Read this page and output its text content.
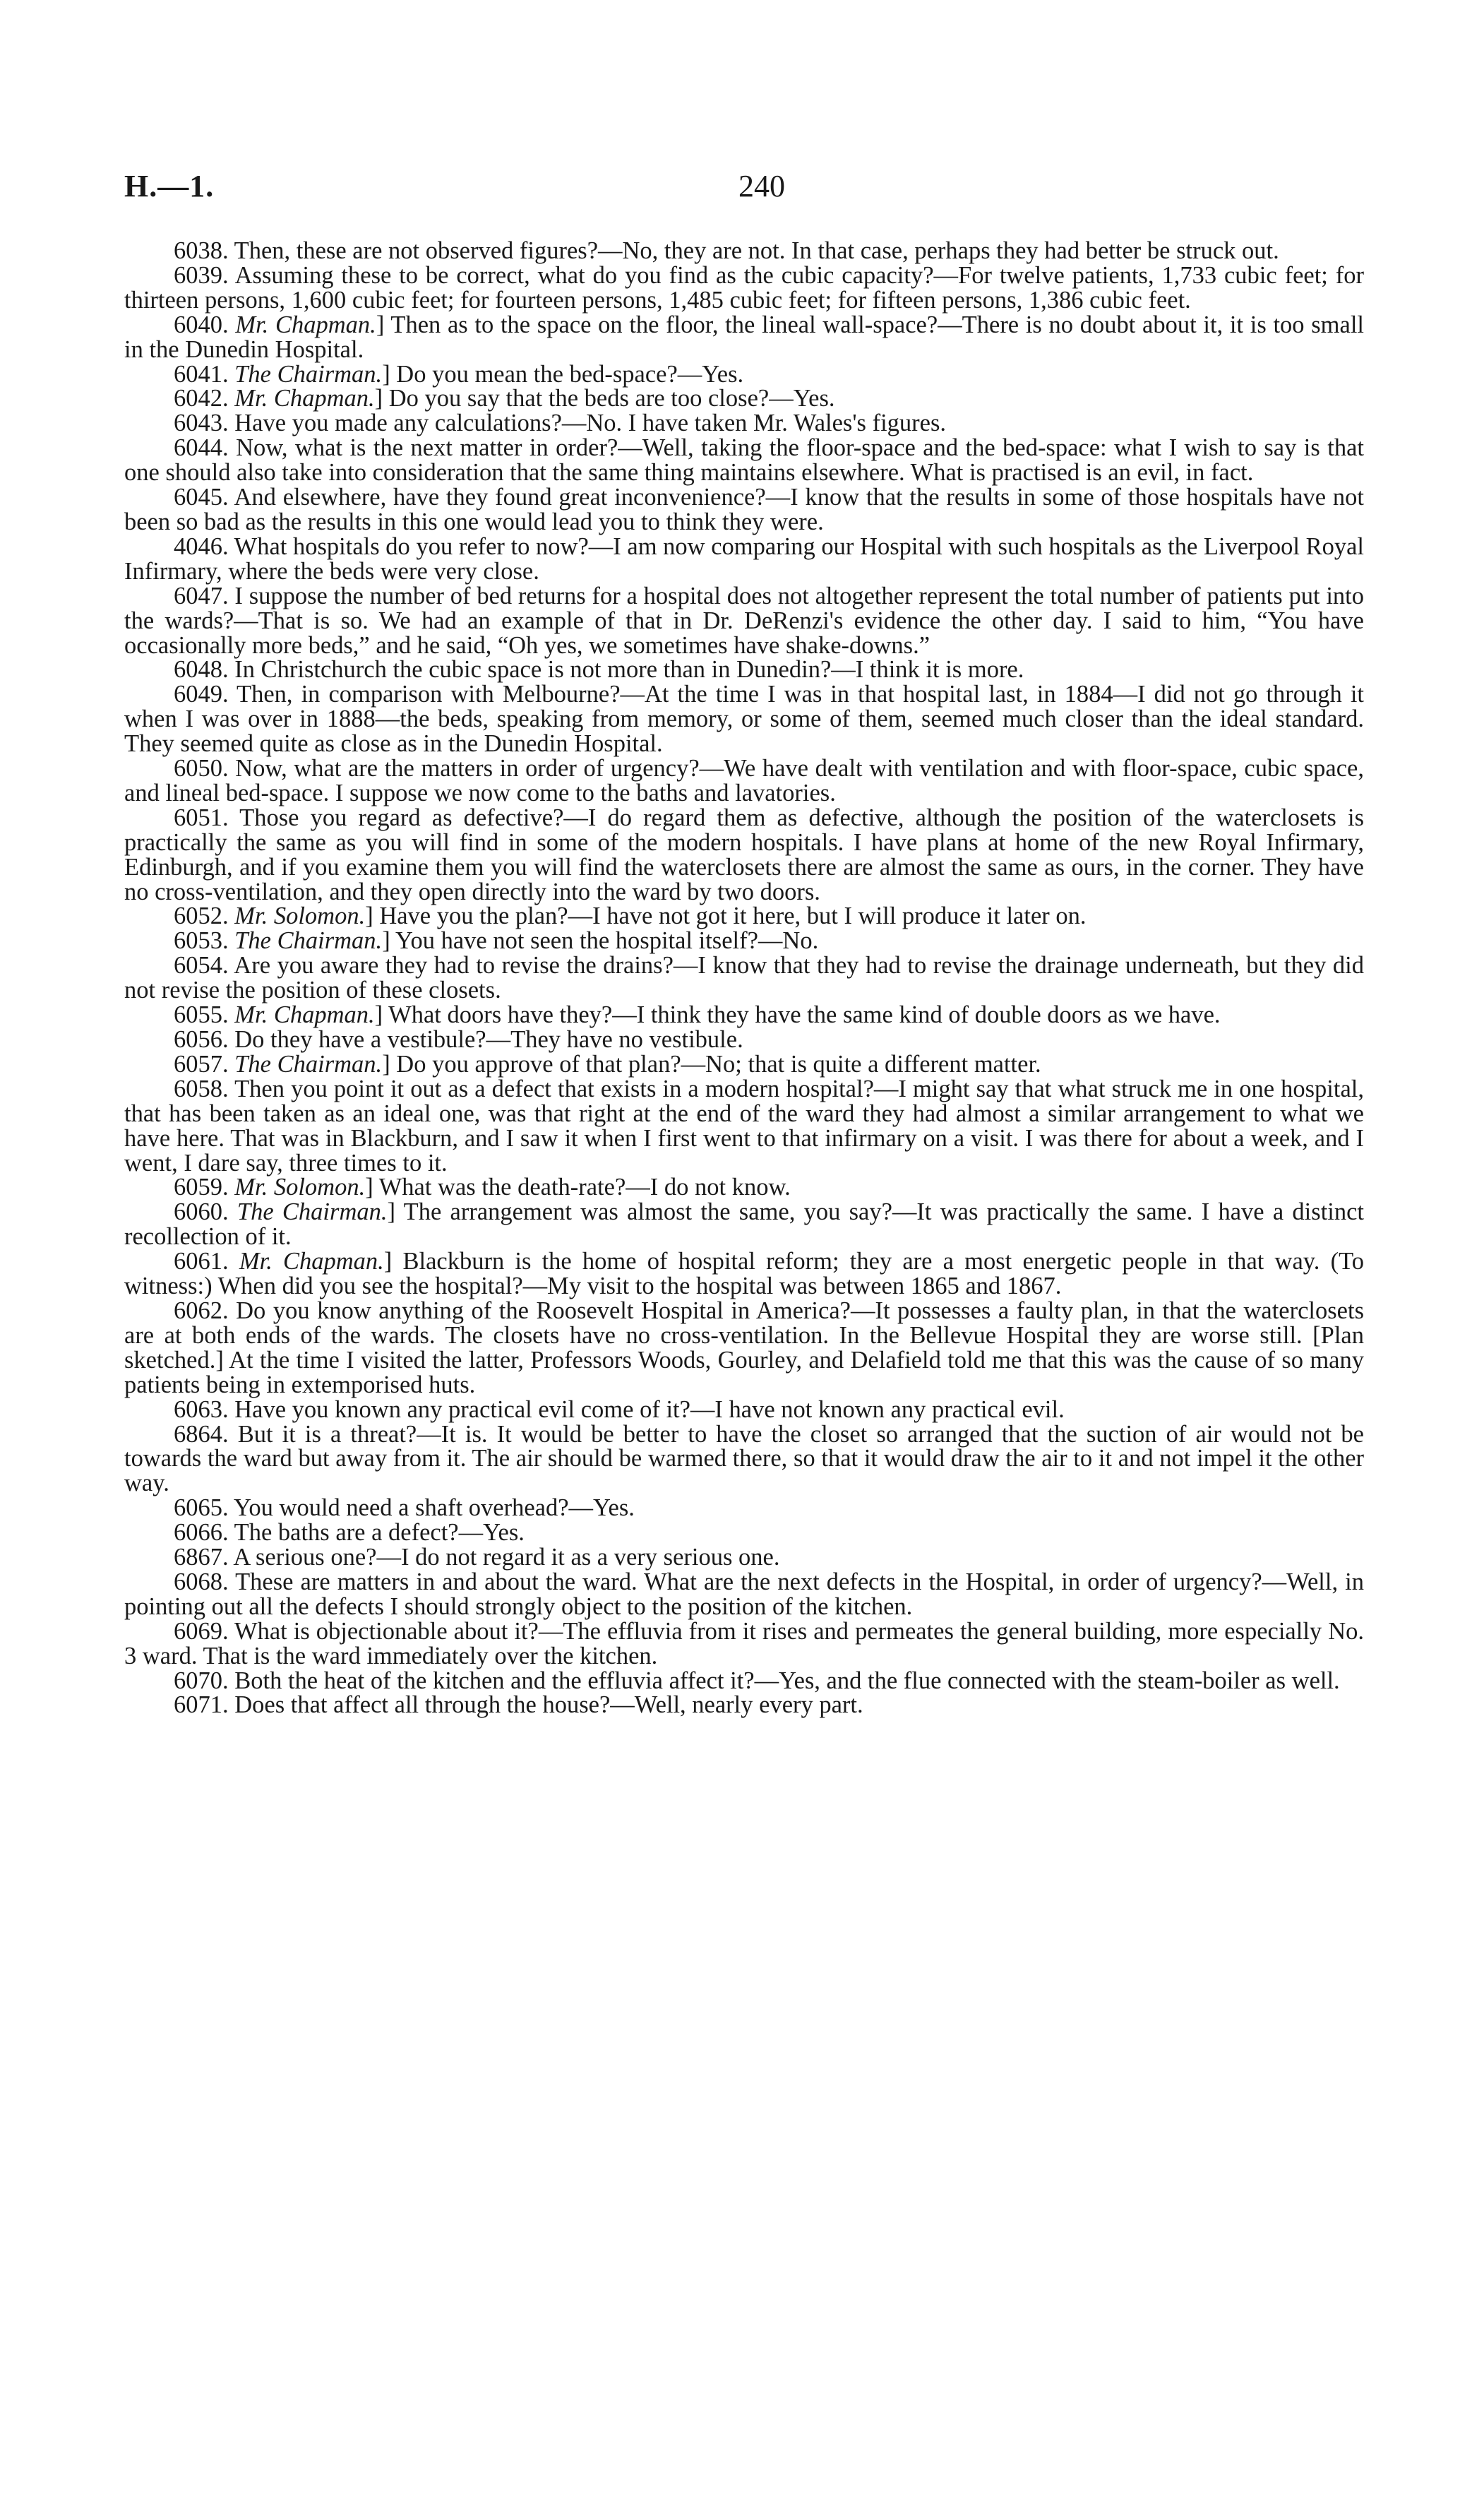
H.—1.	240

6038. Then, these are not observed figures?—No, they are not. In that case, perhaps they had better be struck out.

6039. Assuming these to be correct, what do you find as the cubic capacity?—For twelve patients, 1,733 cubic feet; for thirteen persons, 1,600 cubic feet; for fourteen persons, 1,485 cubic feet; for fifteen persons, 1,386 cubic feet.

6040. Mr. Chapman.] Then as to the space on the floor, the lineal wall-space?—There is no doubt about it, it is too small in the Dunedin Hospital.

6041. The Chairman.] Do you mean the bed-space?—Yes.

6042. Mr. Chapman.] Do you say that the beds are too close?—Yes.

6043. Have you made any calculations?—No. I have taken Mr. Wales's figures.

6044. Now, what is the next matter in order?—Well, taking the floor-space and the bed-space: what I wish to say is that one should also take into consideration that the same thing maintains elsewhere. What is practised is an evil, in fact.

6045. And elsewhere, have they found great inconvenience?—I know that the results in some of those hospitals have not been so bad as the results in this one would lead you to think they were.

4046. What hospitals do you refer to now?—I am now comparing our Hospital with such hospitals as the Liverpool Royal Infirmary, where the beds were very close.

6047. I suppose the number of bed returns for a hospital does not altogether represent the total number of patients put into the wards?—That is so. We had an example of that in Dr. DeRenzi's evidence the other day. I said to him, “You have occasionally more beds,” and he said, “Oh yes, we sometimes have shake-downs.”

6048. In Christchurch the cubic space is not more than in Dunedin?—I think it is more.

6049. Then, in comparison with Melbourne?—At the time I was in that hospital last, in 1884—I did not go through it when I was over in 1888—the beds, speaking from memory, or some of them, seemed much closer than the ideal standard. They seemed quite as close as in the Dunedin Hospital.

6050. Now, what are the matters in order of urgency?—We have dealt with ventilation and with floor-space, cubic space, and lineal bed-space. I suppose we now come to the baths and lavatories.

6051. Those you regard as defective?—I do regard them as defective, although the position of the waterclosets is practically the same as you will find in some of the modern hospitals. I have plans at home of the new Royal Infirmary, Edinburgh, and if you examine them you will find the waterclosets there are almost the same as ours, in the corner. They have no cross-ventilation, and they open directly into the ward by two doors.

6052. Mr. Solomon.] Have you the plan?—I have not got it here, but I will produce it later on.

6053. The Chairman.] You have not seen the hospital itself?—No.

6054. Are you aware they had to revise the drains?—I know that they had to revise the drainage underneath, but they did not revise the position of these closets.

6055. Mr. Chapman.] What doors have they?—I think they have the same kind of double doors as we have.

6056. Do they have a vestibule?—They have no vestibule.

6057. The Chairman.] Do you approve of that plan?—No; that is quite a different matter.

6058. Then you point it out as a defect that exists in a modern hospital?—I might say that what struck me in one hospital, that has been taken as an ideal one, was that right at the end of the ward they had almost a similar arrangement to what we have here. That was in Blackburn, and I saw it when I first went to that infirmary on a visit. I was there for about a week, and I went, I dare say, three times to it.

6059. Mr. Solomon.] What was the death-rate?—I do not know.

6060. The Chairman.] The arrangement was almost the same, you say?—It was practically the same. I have a distinct recollection of it.

6061. Mr. Chapman.] Blackburn is the home of hospital reform; they are a most energetic people in that way. (To witness:) When did you see the hospital?—My visit to the hospital was between 1865 and 1867.

6062. Do you know anything of the Roosevelt Hospital in America?—It possesses a faulty plan, in that the waterclosets are at both ends of the wards. The closets have no cross-ventilation. In the Bellevue Hospital they are worse still. [Plan sketched.] At the time I visited the latter, Professors Woods, Gourley, and Delafield told me that this was the cause of so many patients being in extemporised huts.

6063. Have you known any practical evil come of it?—I have not known any practical evil.

6864. But it is a threat?—It is. It would be better to have the closet so arranged that the suction of air would not be towards the ward but away from it. The air should be warmed there, so that it would draw the air to it and not impel it the other way.

6065. You would need a shaft overhead?—Yes.

6066. The baths are a defect?—Yes.

6867. A serious one?—I do not regard it as a very serious one.

6068. These are matters in and about the ward. What are the next defects in the Hospital, in order of urgency?—Well, in pointing out all the defects I should strongly object to the position of the kitchen.

6069. What is objectionable about it?—The effluvia from it rises and permeates the general building, more especially No. 3 ward. That is the ward immediately over the kitchen.

6070. Both the heat of the kitchen and the effluvia affect it?—Yes, and the flue connected with the steam-boiler as well.

6071. Does that affect all through the house?—Well, nearly every part.
